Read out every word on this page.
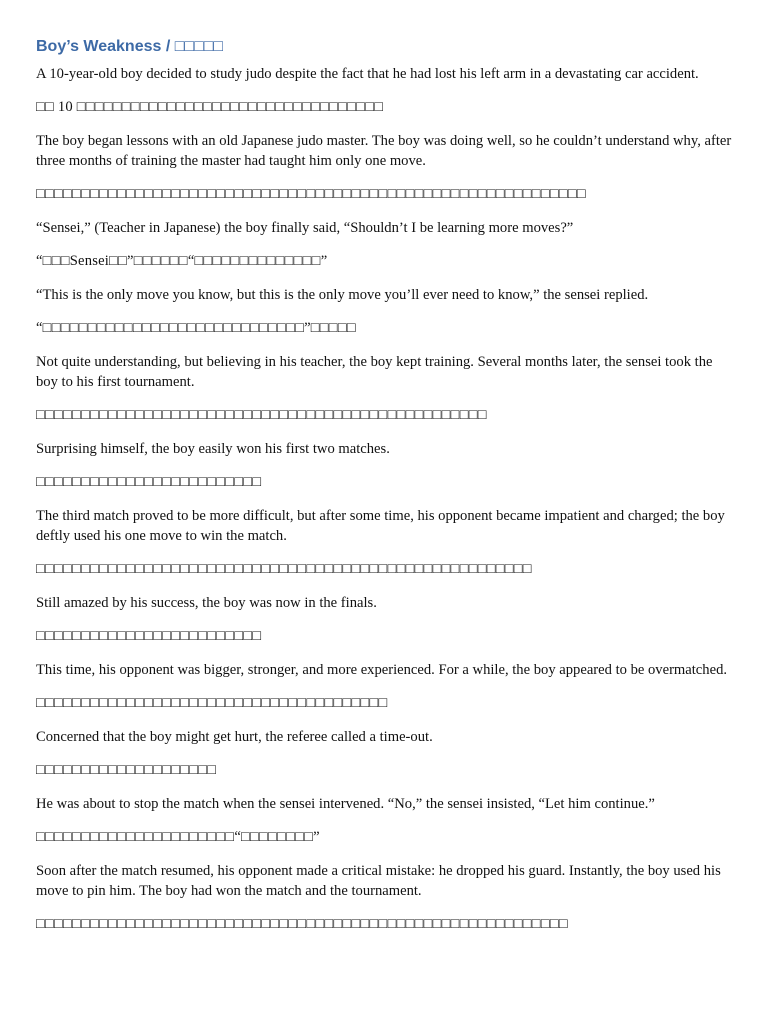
Boy’s Weakness / □□□□□

A 10-year-old boy decided to study judo despite the fact that he had lost his left arm in a devastating car accident.

□□ 10 □□□□□□□□□□□□□□□□□□□□□□□□□□□□□□□□□□

The boy began lessons with an old Japanese judo master. The boy was doing well, so he couldn’t understand why, after three months of training the master had taught him only one move.

□□□□□□□□□□□□□□□□□□□□□□□□□□□□□□□□□□□□□□□□□□□□□□□□□□□□□□□□□□□□□

“Sensei,” (Teacher in Japanese) the boy finally said, “Shouldn’t I be learning more moves?”

“□□□Sensei□□”□□□□□□“□□□□□□□□□□□□□□”

“This is the only move you know, but this is the only move you’ll ever need to know,” the sensei replied.

“□□□□□□□□□□□□□□□□□□□□□□□□□□□□□”□□□□□

Not quite understanding, but believing in his teacher, the boy kept training. Several months later, the sensei took the boy to his first tournament.

□□□□□□□□□□□□□□□□□□□□□□□□□□□□□□□□□□□□□□□□□□□□□□□□□□

Surprising himself, the boy easily won his first two matches.

□□□□□□□□□□□□□□□□□□□□□□□□□

The third match proved to be more difficult, but after some time, his opponent became impatient and charged; the boy deftly used his one move to win the match.

□□□□□□□□□□□□□□□□□□□□□□□□□□□□□□□□□□□□□□□□□□□□□□□□□□□□□□□

Still amazed by his success, the boy was now in the finals.

□□□□□□□□□□□□□□□□□□□□□□□□□

This time, his opponent was bigger, stronger, and more experienced. For a while, the boy appeared to be overmatched.

□□□□□□□□□□□□□□□□□□□□□□□□□□□□□□□□□□□□□□□

Concerned that the boy might get hurt, the referee called a time-out.

□□□□□□□□□□□□□□□□□□□□

He was about to stop the match when the sensei intervened. “No,” the sensei insisted, “Let him continue.”

□□□□□□□□□□□□□□□□□□□□□□“□□□□□□□□”

Soon after the match resumed, his opponent made a critical mistake: he dropped his guard. Instantly, the boy used his move to pin him. The boy had won the match and the tournament.

□□□□□□□□□□□□□□□□□□□□□□□□□□□□□□□□□□□□□□□□□□□□□□□□□□□□□□□□□□□
